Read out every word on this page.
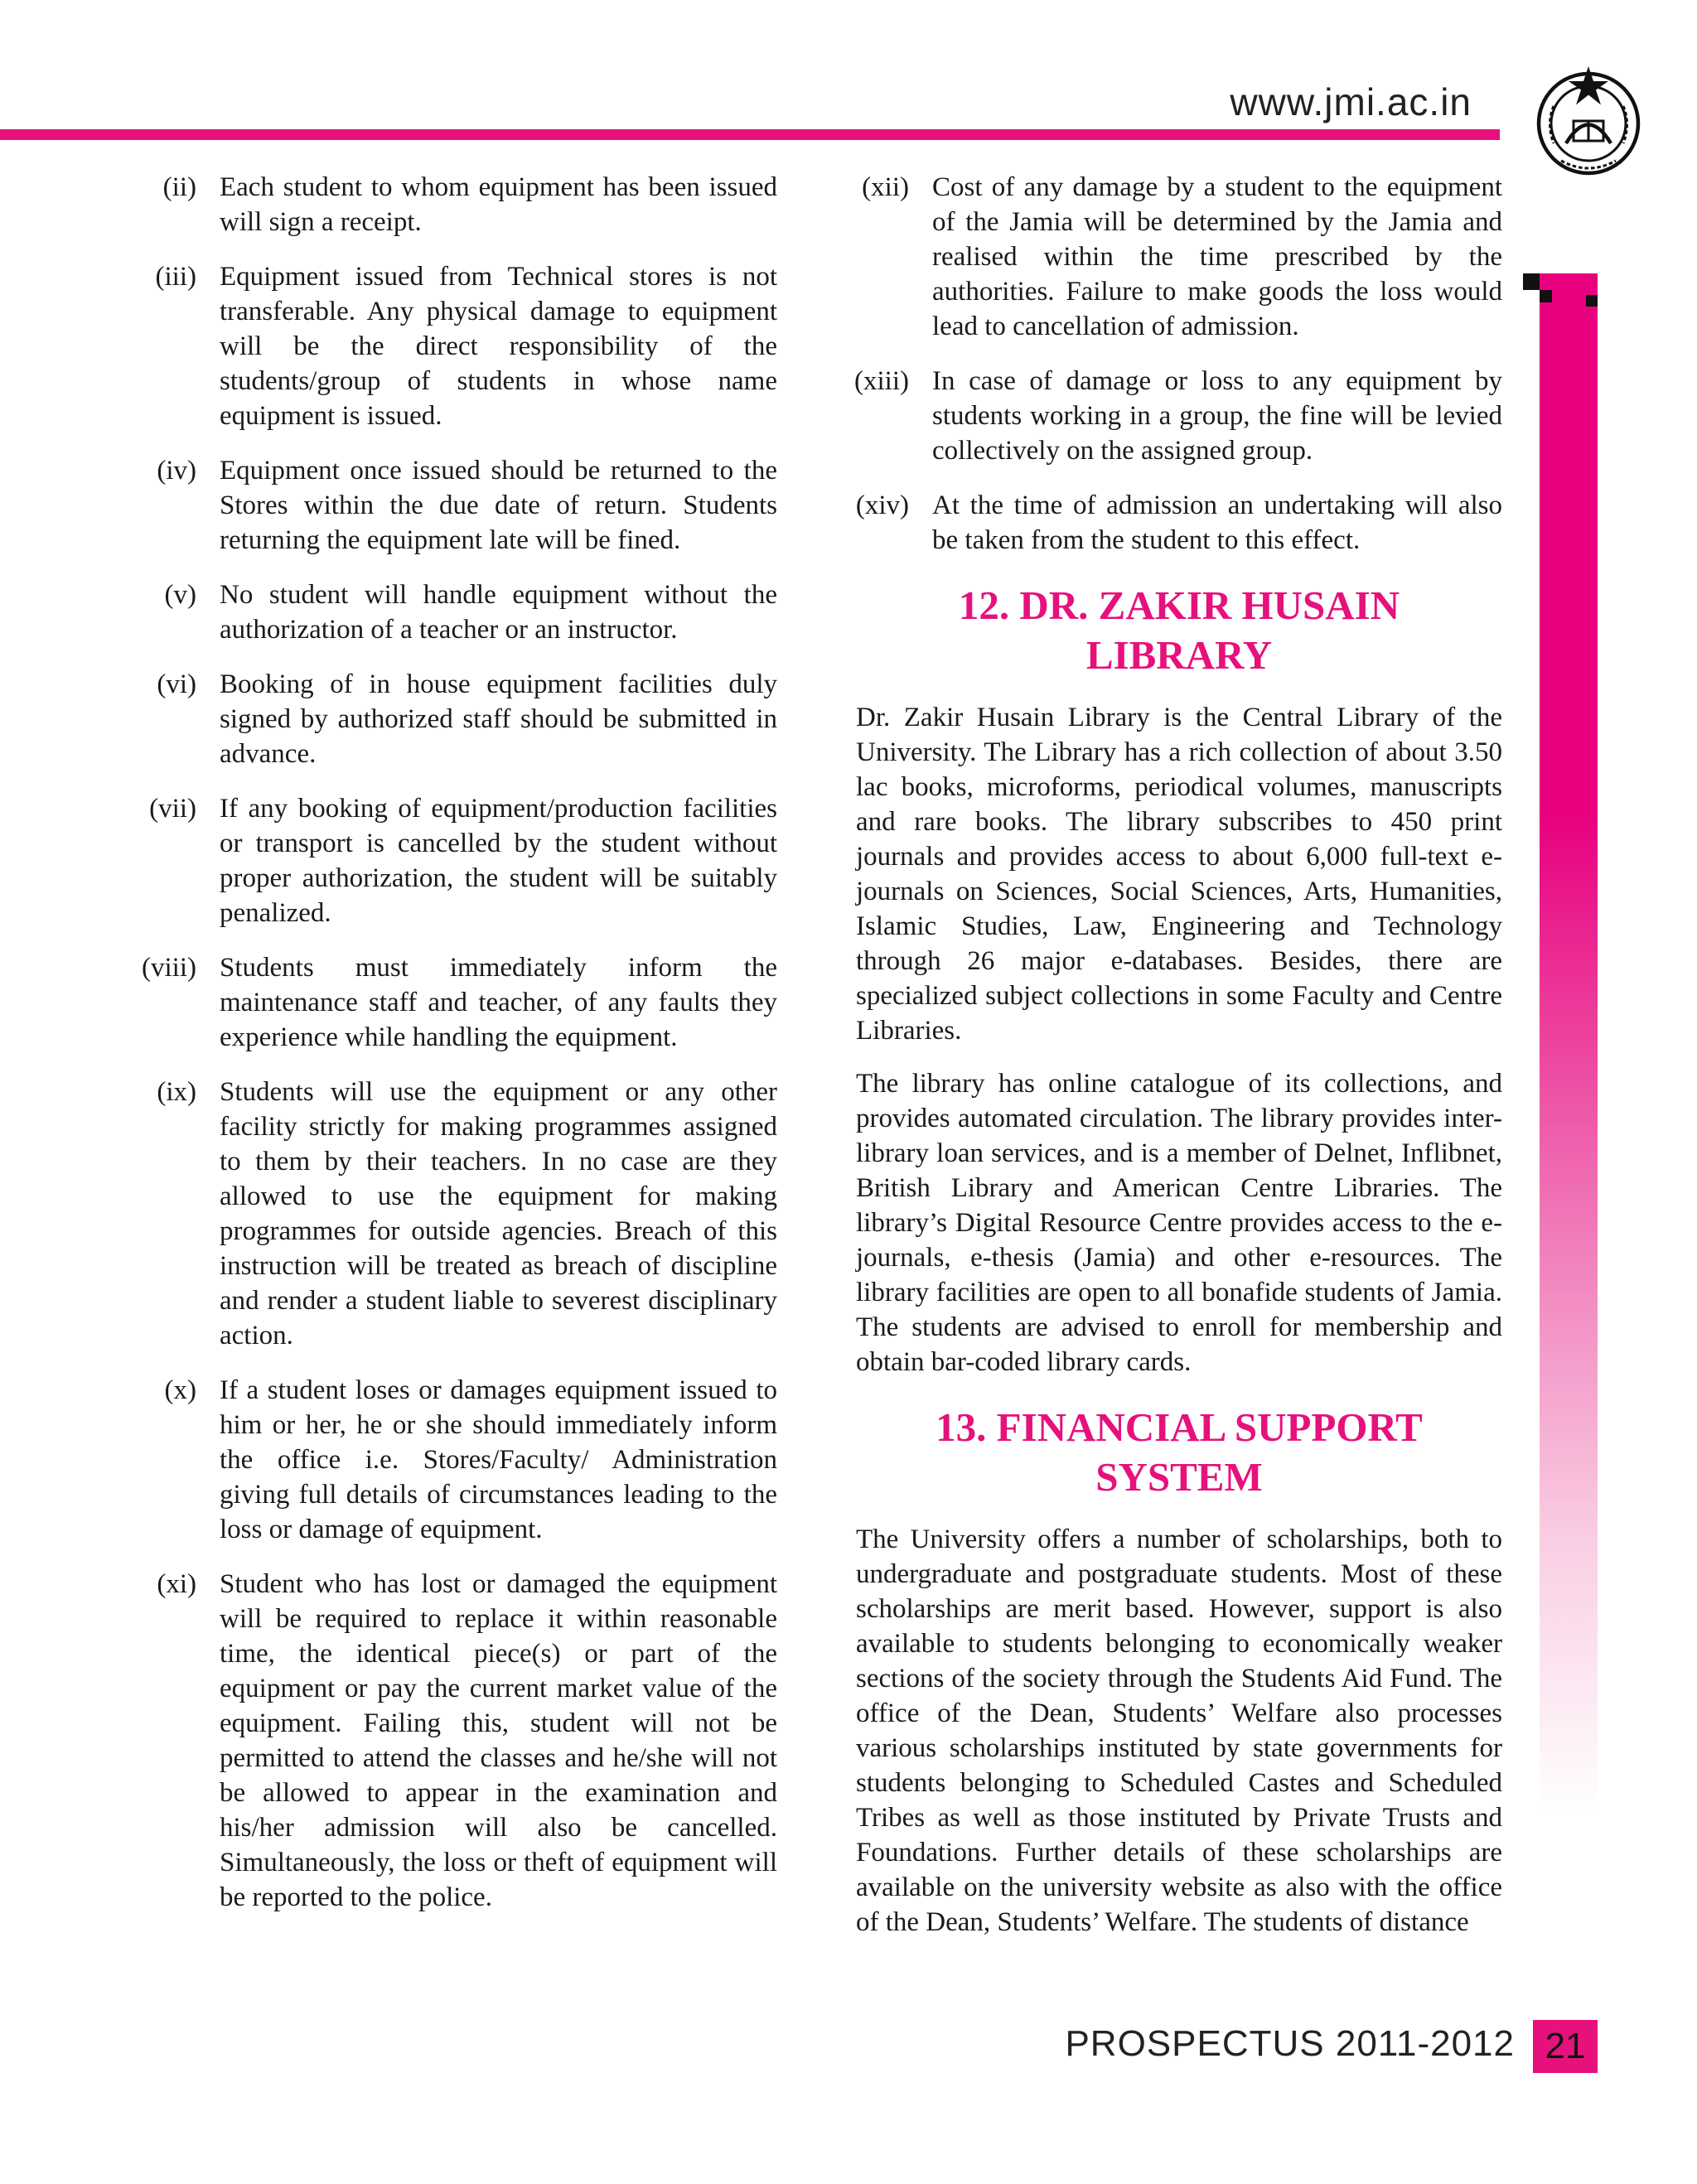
www.jmi.ac.in
(ii) Each student to whom equipment has been issued will sign a receipt.
(iii) Equipment issued from Technical stores is not transferable. Any physical damage to equipment will be the direct responsibility of the students/group of students in whose name equipment is issued.
(iv) Equipment once issued should be returned to the Stores within the due date of return. Students returning the equipment late will be fined.
(v) No student will handle equipment without the authorization of a teacher or an instructor.
(vi) Booking of in house equipment facilities duly signed by authorized staff should be submitted in advance.
(vii) If any booking of equipment/production facilities or transport is cancelled by the student without proper authorization, the student will be suitably penalized.
(viii) Students must immediately inform the maintenance staff and teacher, of any faults they experience while handling the equipment.
(ix) Students will use the equipment or any other facility strictly for making programmes assigned to them by their teachers. In no case are they allowed to use the equipment for making programmes for outside agencies. Breach of this instruction will be treated as breach of discipline and render a student liable to severest disciplinary action.
(x) If a student loses or damages equipment issued to him or her, he or she should immediately inform the office i.e. Stores/Faculty/ Administration giving full details of circumstances leading to the loss or damage of equipment.
(xi) Student who has lost or damaged the equipment will be required to replace it within reasonable time, the identical piece(s) or part of the equipment or pay the current market value of the equipment. Failing this, student will not be permitted to attend the classes and he/she will not be allowed to appear in the examination and his/her admission will also be cancelled. Simultaneously, the loss or theft of equipment will be reported to the police.
(xii) Cost of any damage by a student to the equipment of the Jamia will be determined by the Jamia and realised within the time prescribed by the authorities. Failure to make goods the loss would lead to cancellation of admission.
(xiii) In case of damage or loss to any equipment by students working in a group, the fine will be levied collectively on the assigned group.
(xiv) At the time of admission an undertaking will also be taken from the student to this effect.
12. DR. ZAKIR HUSAIN
LIBRARY

Dr. Zakir Husain Library is the Central Library of the University. The Library has a rich collection of about 3.50 lac books, microforms, periodical volumes, manuscripts and rare books. The library subscribes to 450 print journals and provides access to about 6,000 full-text e-journals on Sciences, Social Sciences, Arts, Humanities, Islamic Studies, Law, Engineering and Technology through 26 major e-databases. Besides, there are specialized subject collections in some Faculty and Centre Libraries.

The library has online catalogue of its collections, and provides automated circulation. The library provides inter-library loan services, and is a member of Delnet, Inflibnet, British Library and American Centre Libraries. The library’s Digital Resource Centre provides access to the e-journals, e-thesis (Jamia) and other e-resources. The library facilities are open to all bonafide students of Jamia. The students are advised to enroll for membership and obtain bar-coded library cards.

13. FINANCIAL SUPPORT
SYSTEM

The University offers a number of scholarships, both to undergraduate and postgraduate students. Most of these scholarships are merit based. However, support is also available to students belonging to economically weaker sections of the society through the Students Aid Fund. The office of the Dean, Students’ Welfare also processes various scholarships instituted by state governments for students belonging to Scheduled Castes and Scheduled Tribes as well as those instituted by Private Trusts and Foundations. Further details of these scholarships are available on the university website as also with the office of the Dean, Students’ Welfare. The students of distance

PROSPECTUS 2011-2012 21
